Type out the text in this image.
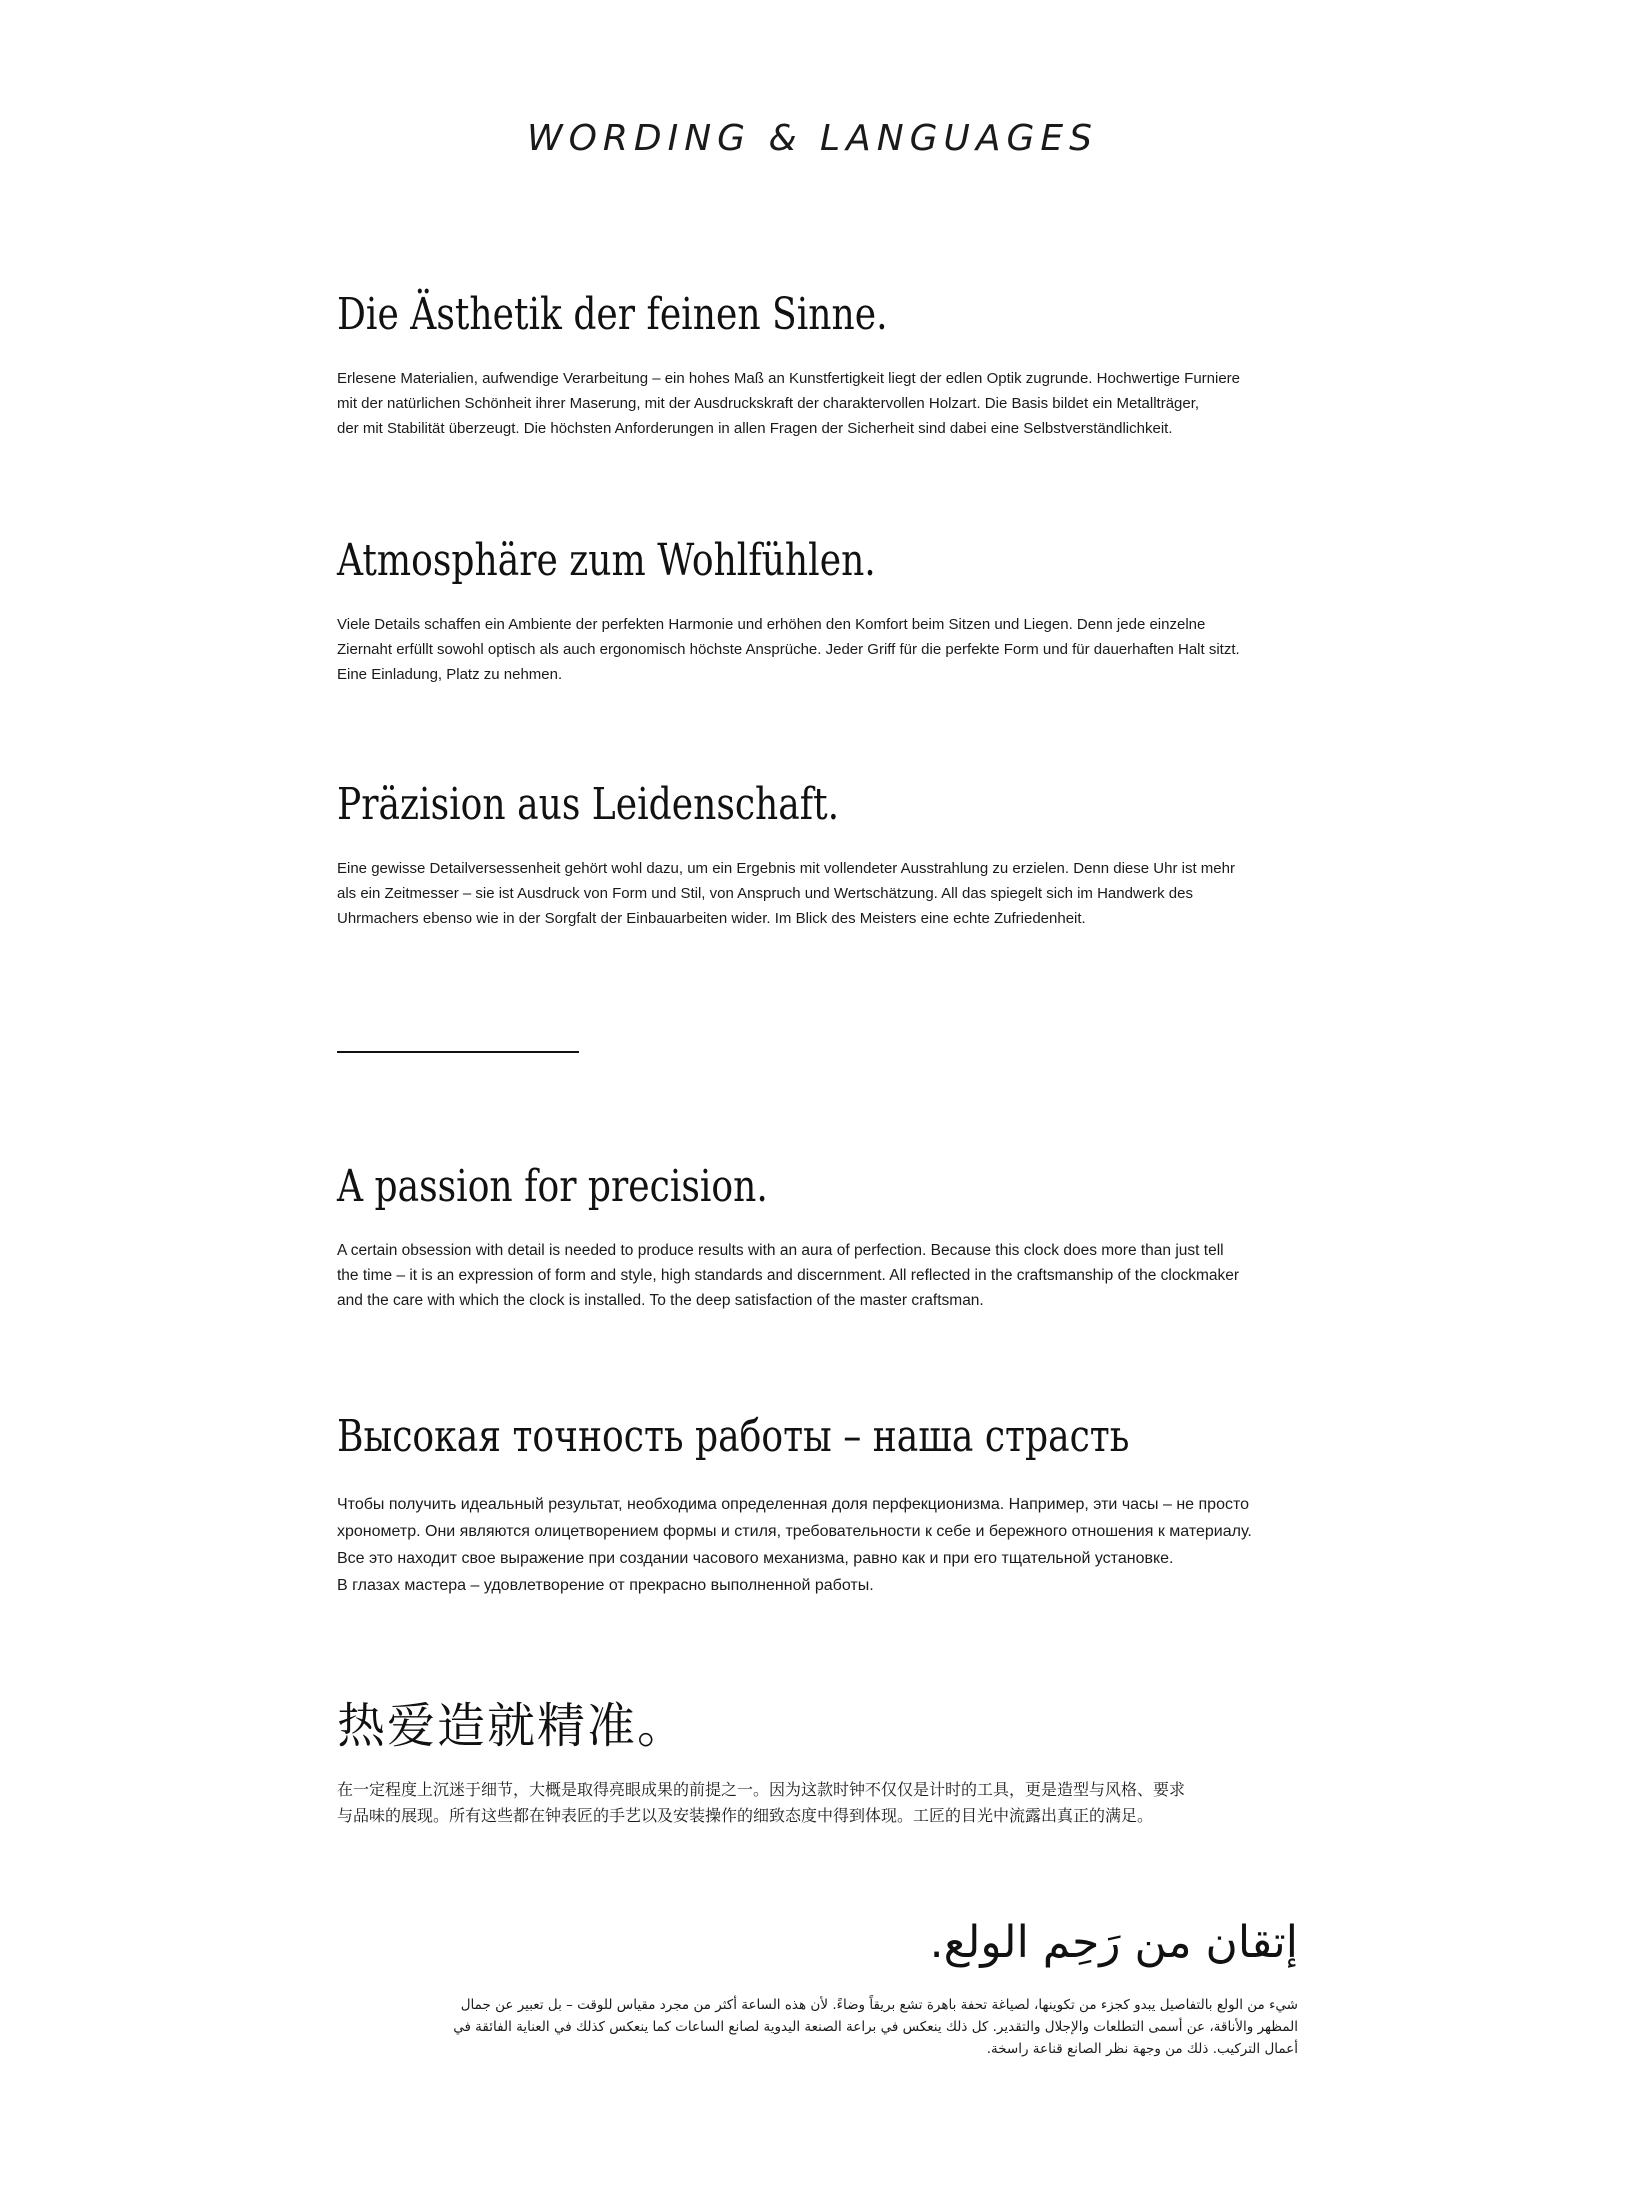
WORDING & LANGUAGES
Die Ästhetik der feinen Sinne.
Erlesene Materialien, aufwendige Verarbeitung – ein hohes Maß an Kunstfertigkeit liegt der edlen Optik zugrunde. Hochwertige Furniere
mit der natürlichen Schönheit ihrer Maserung, mit der Ausdruckskraft der charaktervollen Holzart. Die Basis bildet ein Metallträger,
der mit Stabilität überzeugt. Die höchsten Anforderungen in allen Fragen der Sicherheit sind dabei eine Selbstverständlichkeit.
Atmosphäre zum Wohlfühlen.
Viele Details schaffen ein Ambiente der perfekten Harmonie und erhöhen den Komfort beim Sitzen und Liegen. Denn jede einzelne
Ziernaht erfüllt sowohl optisch als auch ergonomisch höchste Ansprüche. Jeder Griff für die perfekte Form und für dauerhaften Halt sitzt.
Eine Einladung, Platz zu nehmen.
Präzision aus Leidenschaft.
Eine gewisse Detailversessenheit gehört wohl dazu, um ein Ergebnis mit vollendeter Ausstrahlung zu erzielen. Denn diese Uhr ist mehr
als ein Zeitmesser – sie ist Ausdruck von Form und Stil, von Anspruch und Wertschätzung. All das spiegelt sich im Handwerk des
Uhrmachers ebenso wie in der Sorgfalt der Einbauarbeiten wider. Im Blick des Meisters eine echte Zufriedenheit.
A passion for precision.
A certain obsession with detail is needed to produce results with an aura of perfection. Because this clock does more than just tell
the time – it is an expression of form and style, high standards and discernment. All reflected in the craftsmanship of the clockmaker
and the care with which the clock is installed. To the deep satisfaction of the master craftsman.
Высокая точность работы – наша страсть
Чтобы получить идеальный результат, необходима определенная доля перфекционизма. Например, эти часы – не просто
хронометр. Они являются олицетворением формы и стиля, требовательности к себе и бережного отношения к материалу.
Все это находит свое выражение при создании часового механизма, равно как и при его тщательной установке.
В глазах мастера – удовлетворение от прекрасно выполненной работы.
热爱造就精准。
在一定程度上沉迷于细节，大概是取得亮眼成果的前提之一。因为这款时钟不仅仅是计时的工具，更是造型与风格、要求
与品味的展现。所有这些都在钟表匠的手艺以及安装操作的细致态度中得到体现。工匠的目光中流露出真正的满足。
إتقان من رَحِم الولع.
شيء من الولع بالتفاصيل يبدو كجزء من تكوينها، لصياغة تحفة باهرة تشع بريقاً وضاءً. لأن هذه الساعة أكثر من مجرد مقياس للوقت – بل تعبير عن جمال
المظهر والأناقة، عن أسمى التطلعات والإجلال والتقدير. كل ذلك ينعكس في براعة الصنعة اليدوية لصانع الساعات كما ينعكس كذلك في العناية الفائقة في
أعمال التركيب. ذلك من وجهة نظر الصانع قناعة راسخة.
